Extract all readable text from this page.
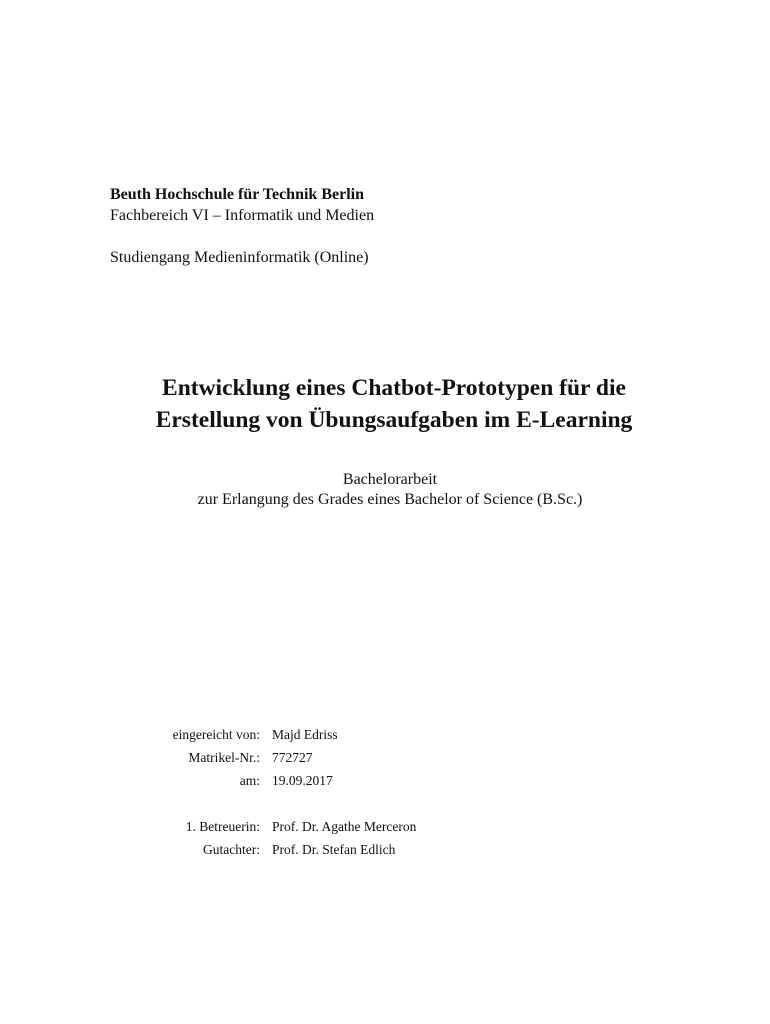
Beuth Hochschule für Technik Berlin
Fachbereich VI – Informatik und Medien
Studiengang Medieninformatik (Online)
Entwicklung eines Chatbot-Prototypen für die
Erstellung von Übungsaufgaben im E-Learning
Bachelorarbeit
zur Erlangung des Grades eines Bachelor of Science (B.Sc.)
eingereicht von:
Matrikel-Nr.:
am:
1. Betreuerin:
Gutachter:
Majd Edriss
772727
19.09.2017
Prof. Dr. Agathe Merceron
Prof. Dr. Stefan Edlich
